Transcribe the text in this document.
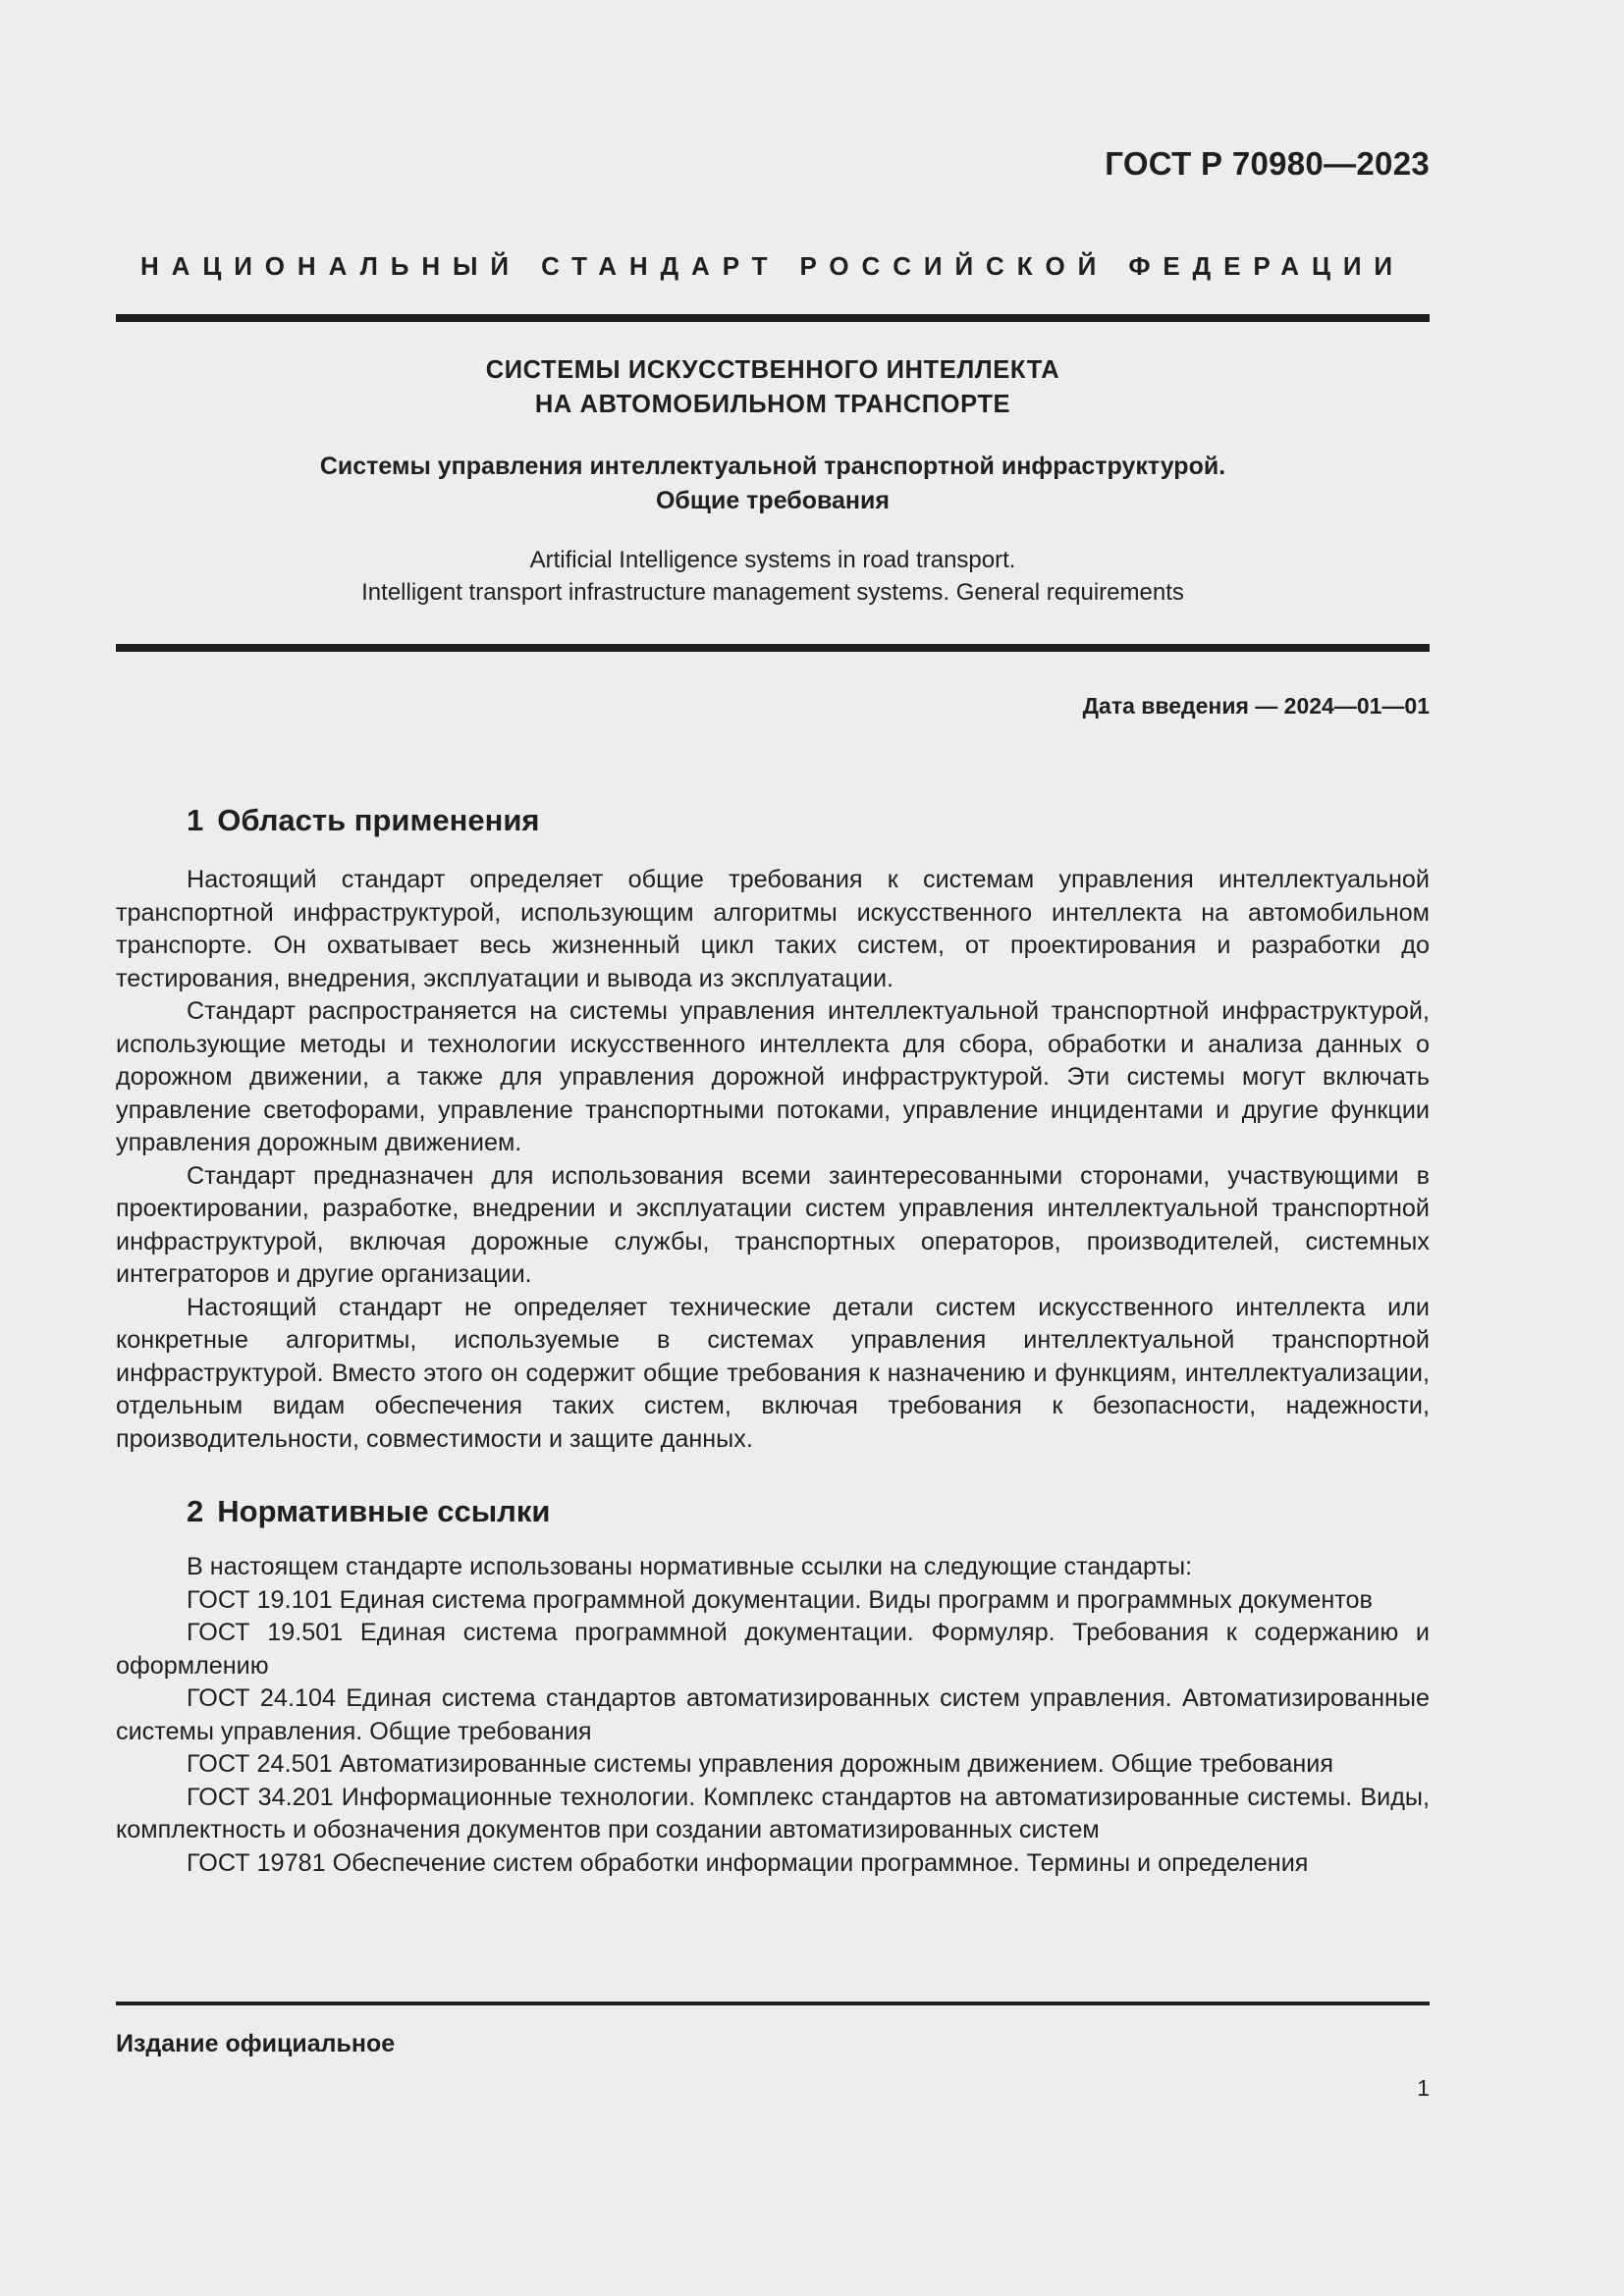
ГОСТ Р 70980—2023
НАЦИОНАЛЬНЫЙ СТАНДАРТ РОССИЙСКОЙ ФЕДЕРАЦИИ
СИСТЕМЫ ИСКУССТВЕННОГО ИНТЕЛЛЕКТА
НА АВТОМОБИЛЬНОМ ТРАНСПОРТЕ
Системы управления интеллектуальной транспортной инфраструктурой.
Общие требования
Artificial Intelligence systems in road transport.
Intelligent transport infrastructure management systems. General requirements
Дата введения — 2024—01—01
1 Область применения

Настоящий стандарт определяет общие требования к системам управления интеллектуальной транспортной инфраструктурой, использующим алгоритмы искусственного интеллекта на автомобильном транспорте. Он охватывает весь жизненный цикл таких систем, от проектирования и разработки до тестирования, внедрения, эксплуатации и вывода из эксплуатации.

Стандарт распространяется на системы управления интеллектуальной транспортной инфраструктурой, использующие методы и технологии искусственного интеллекта для сбора, обработки и анализа данных о дорожном движении, а также для управления дорожной инфраструктурой. Эти системы могут включать управление светофорами, управление транспортными потоками, управление инцидентами и другие функции управления дорожным движением.

Стандарт предназначен для использования всеми заинтересованными сторонами, участвующими в проектировании, разработке, внедрении и эксплуатации систем управления интеллектуальной транспортной инфраструктурой, включая дорожные службы, транспортных операторов, производителей, системных интеграторов и другие организации.

Настоящий стандарт не определяет технические детали систем искусственного интеллекта или конкретные алгоритмы, используемые в системах управления интеллектуальной транспортной инфраструктурой. Вместо этого он содержит общие требования к назначению и функциям, интеллектуализации, отдельным видам обеспечения таких систем, включая требования к безопасности, надежности, производительности, совместимости и защите данных.

2 Нормативные ссылки

В настоящем стандарте использованы нормативные ссылки на следующие стандарты:

ГОСТ 19.101 Единая система программной документации. Виды программ и программных документов

ГОСТ 19.501 Единая система программной документации. Формуляр. Требования к содержанию и оформлению

ГОСТ 24.104 Единая система стандартов автоматизированных систем управления. Автоматизированные системы управления. Общие требования

ГОСТ 24.501 Автоматизированные системы управления дорожным движением. Общие требования

ГОСТ 34.201 Информационные технологии. Комплекс стандартов на автоматизированные системы. Виды, комплектность и обозначения документов при создании автоматизированных систем

ГОСТ 19781 Обеспечение систем обработки информации программное. Термины и определения

Издание официальное
1
